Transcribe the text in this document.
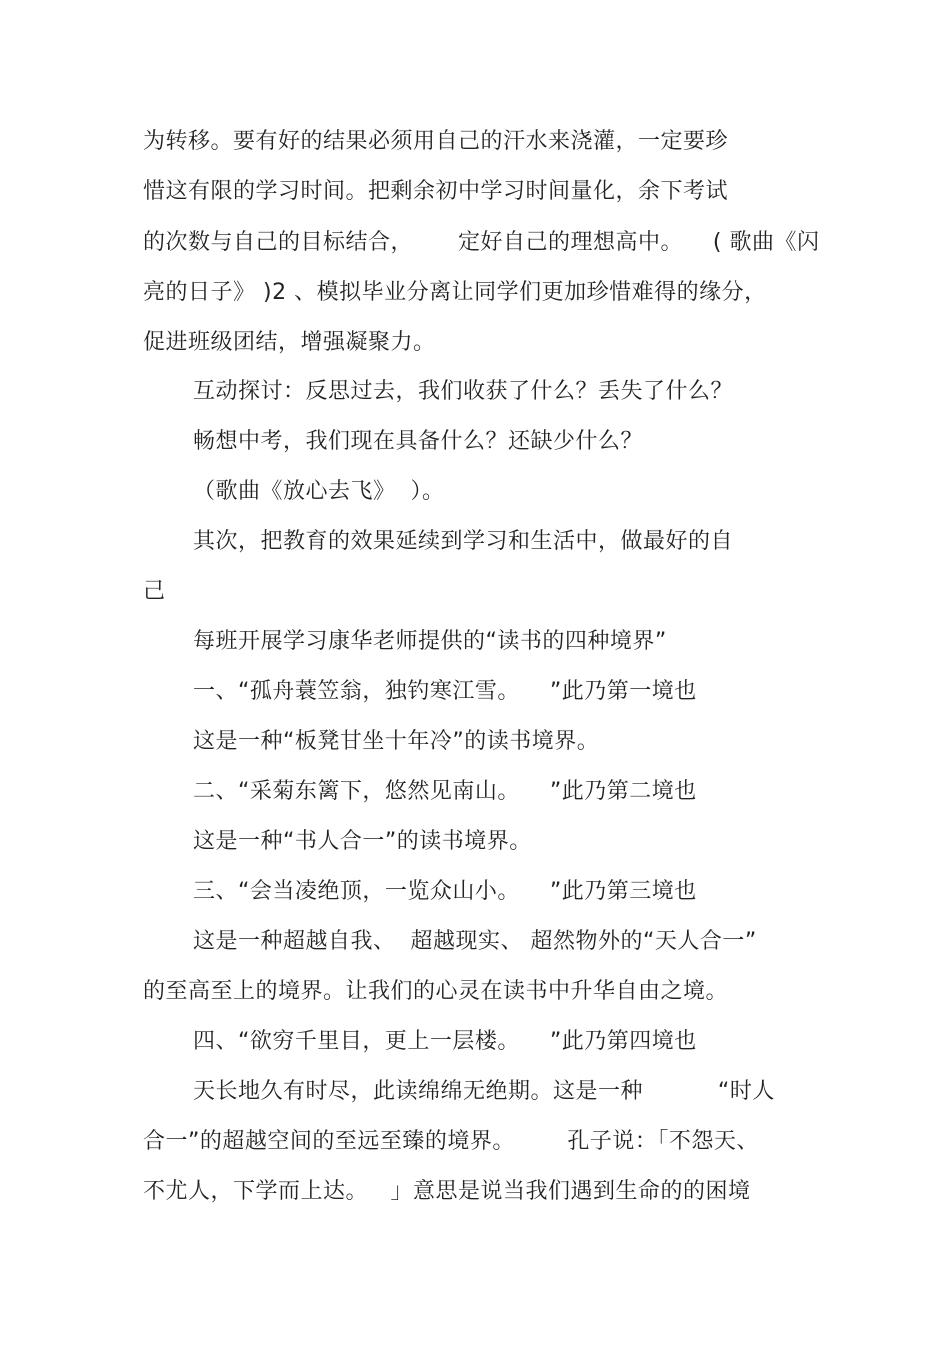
为转移。要有好的结果必须用自己的汗水来浇灌，一定要珍
惜这有限的学习时间。把剩余初中学习时间量化，余下考试
的次数与自己的目标结合，      定好自己的理想高中。    ( 歌曲《闪
亮的日子》 )2 、模拟毕业分离让同学们更加珍惜难得的缘分，
促进班级团结，增强凝聚力。
互动探讨：反思过去，我们收获了什么？丢失了什么？
畅想中考，我们现在具备什么？还缺少什么？
（歌曲《放心去飞》  ）。
其次，把教育的效果延续到学习和生活中，做最好的自
己
每班开展学习康华老师提供的“读书的四种境界”
一、“孤舟蓑笠翁，独钓寒江雪。    ”此乃第一境也
这是一种“板凳甘坐十年冷”的读书境界。
二、“采菊东篱下，悠然见南山。    ”此乃第二境也
这是一种“书人合一”的读书境界。
三、“会当凌绝顶，一览众山小。    ”此乃第三境也
这是一种超越自我、  超越现实、 超然物外的“天人合一”
的至高至上的境界。让我们的心灵在读书中升华自由之境。
四、“欲穷千里目，更上一层楼。    ”此乃第四境也
天长地久有时尽，此读绵绵无绝期。这是一种          “时人
合一”的超越空间的至远至臻的境界。       孔子说：「不怨天、
不尤人，下学而上达。   」意思是说当我们遇到生命的的困境
